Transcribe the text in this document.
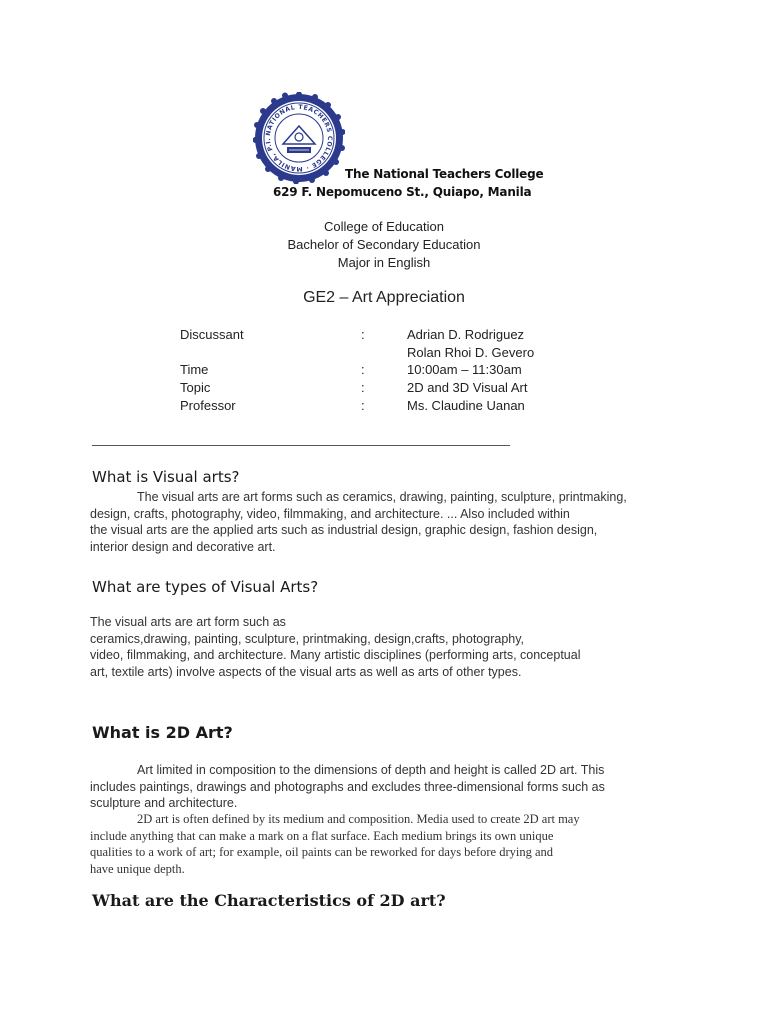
NATIONAL TEACHERS COLLEGE · MANILA, P.I.
The National Teachers College
629 F. Nepomuceno St., Quiapo, Manila
College of Education
Bachelor of Secondary Education
Major in English
GE2 – Art Appreciation
Discussant	:	Adrian D. Rodriguez
Rolan Rhoi D. Gevero
Time	:	10:00am – 11:30am
Topic	:	2D and 3D Visual Art
Professor	:	Ms. Claudine Uanan
What is Visual arts?
The visual arts are art forms such as ceramics, drawing, painting, sculpture, printmaking,
design, crafts, photography, video, filmmaking, and architecture. ... Also included within
the visual arts are the applied arts such as industrial design, graphic design, fashion design,
interior design and decorative art.
What are types of Visual Arts?
The visual arts are art form such as
ceramics,drawing, painting, sculpture, printmaking, design,crafts, photography,
video, filmmaking, and architecture. Many artistic disciplines (performing arts, conceptual
art, textile arts) involve aspects of the visual arts as well as arts of other types.
What is 2D Art?
Art limited in composition to the dimensions of depth and height is called 2D art. This
includes paintings, drawings and photographs and excludes three-dimensional forms such as
sculpture and architecture.
2D art is often defined by its medium and composition. Media used to create 2D art may
include anything that can make a mark on a flat surface. Each medium brings its own unique
qualities to a work of art; for example, oil paints can be reworked for days before drying and
have unique depth.
What are the Characteristics of 2D art?
